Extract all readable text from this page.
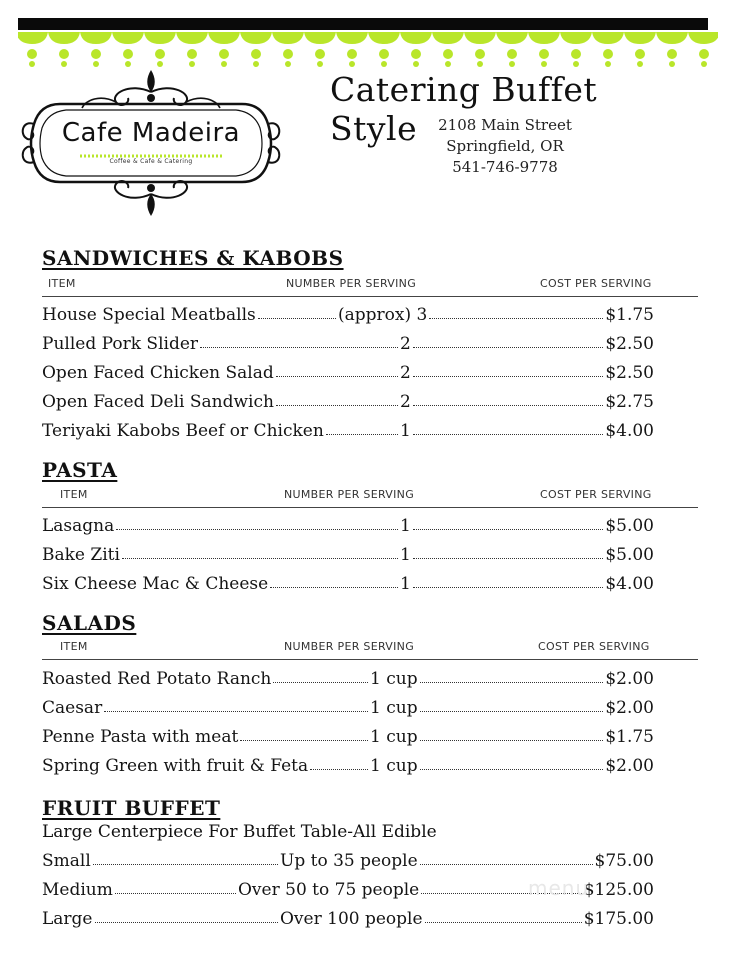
Cafe Madeira
Coffee & Cafe & Catering
Catering Buffet Style	2108 Main Street
Springfield, OR
541-746-9778
SANDWICHES & KABOBS
ITEM	NUMBER PER SERVING	COST PER SERVING
House Special Meatballs	(approx) 3	$1.75
Pulled Pork Slider	2	$2.50
Open Faced Chicken Salad	2	$2.50
Open Faced Deli Sandwich	2	$2.75
Teriyaki Kabobs Beef or Chicken	1	$4.00
PASTA
ITEM	NUMBER PER SERVING	COST PER SERVING
Lasagna	1	$5.00
Bake Ziti	1	$5.00
Six Cheese Mac & Cheese	1	$4.00
SALADS
ITEM	NUMBER PER SERVING	COST PER SERVING
Roasted Red Potato Ranch	1 cup	$2.00
Caesar	1 cup	$2.00
Penne Pasta with meat	1 cup	$1.75
Spring Green with fruit & Feta	1 cup	$2.00
FRUIT BUFFET
Large Centerpiece For Buffet Table-All Edible
Small	Up to 35 people	$75.00
Medium	Over 50 to 75 people	$125.00
Large	Over 100 people	$175.00
menu
